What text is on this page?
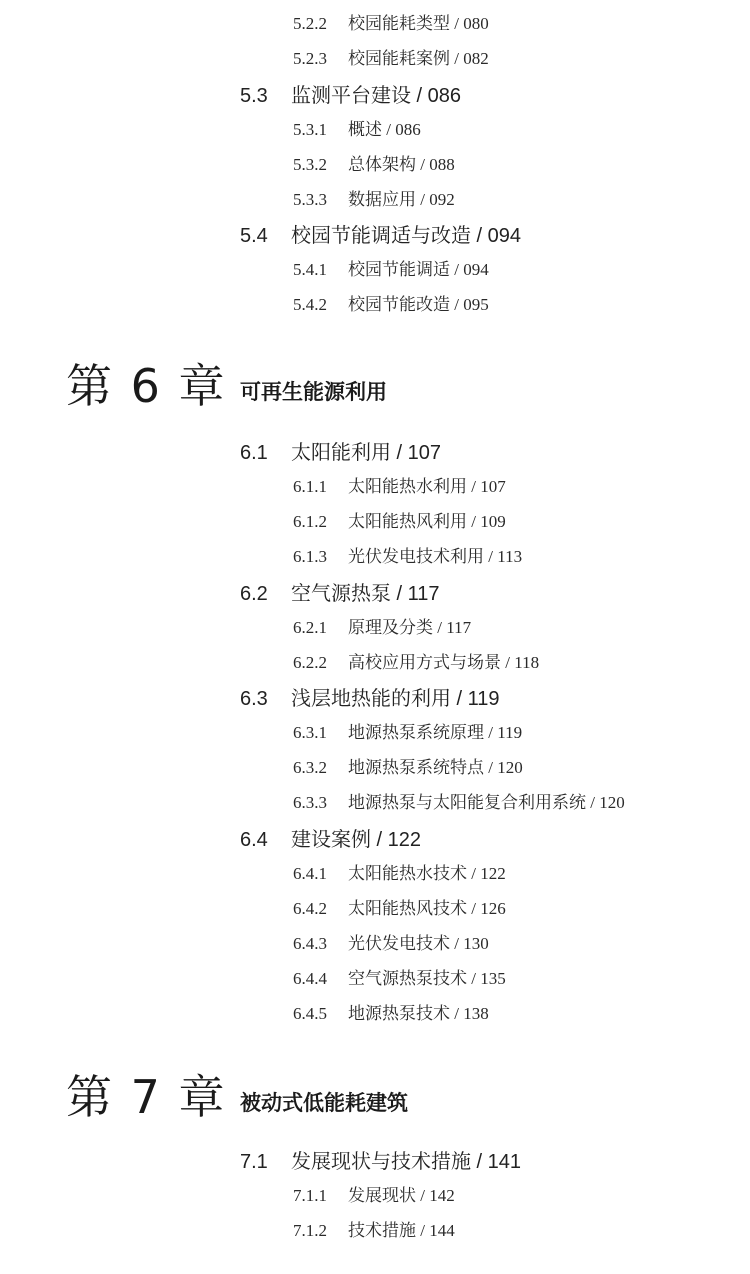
5.2.2 校园能耗类型 / 080
5.2.3 校园能耗案例 / 082
5.3 监测平台建设 / 086
5.3.1 概述 / 086
5.3.2 总体架构 / 088
5.3.3 数据应用 / 092
5.4 校园节能调适与改造 / 094
5.4.1 校园节能调适 / 094
5.4.2 校园节能改造 / 095
第 6 章 可再生能源利用
6.1 太阳能利用 / 107
6.1.1 太阳能热水利用 / 107
6.1.2 太阳能热风利用 / 109
6.1.3 光伏发电技术利用 / 113
6.2 空气源热泵 / 117
6.2.1 原理及分类 / 117
6.2.2 高校应用方式与场景 / 118
6.3 浅层地热能的利用 / 119
6.3.1 地源热泵系统原理 / 119
6.3.2 地源热泵系统特点 / 120
6.3.3 地源热泵与太阳能复合利用系统 / 120
6.4 建设案例 / 122
6.4.1 太阳能热水技术 / 122
6.4.2 太阳能热风技术 / 126
6.4.3 光伏发电技术 / 130
6.4.4 空气源热泵技术 / 135
6.4.5 地源热泵技术 / 138
第 7 章 被动式低能耗建筑
7.1 发展现状与技术措施 / 141
7.1.1 发展现状 / 142
7.1.2 技术措施 / 144
